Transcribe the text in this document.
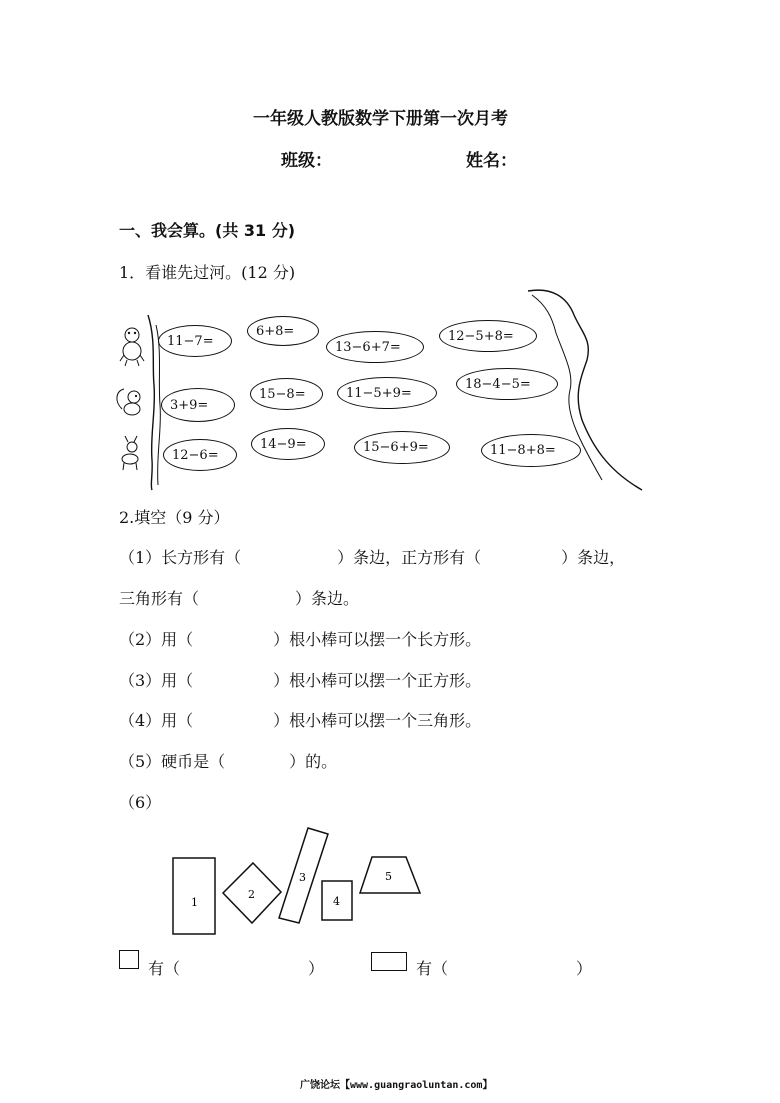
一年级人教版数学下册第一次月考
班级：	姓名：
一、我会算。(共 31 分)
1．看谁先过河。(12 分)
11−7=
6+8=
13−6+7=
12−5+8=
3+9=
15−8=	11−5+9=
18−4−5=
12−6=
14−9=	15−6+9=	11−8+8=
2.填空（9 分）
（1）长方形有（　　　　　　）条边，正方形有（　　　　　）条边，
三角形有（　　　　　　）条边。
（2）用（　　　　　）根小棒可以摆一个长方形。
（3）用（　　　　　）根小棒可以摆一个正方形。
（4）用（　　　　　）根小棒可以摆一个三角形。
（5）硬币是（　　　　）的。
（6）
1
2
3
4
5
有（　　　　　　　　）	有（　　　　　　　　）
广饶论坛【www.guangraoluntan.com】
